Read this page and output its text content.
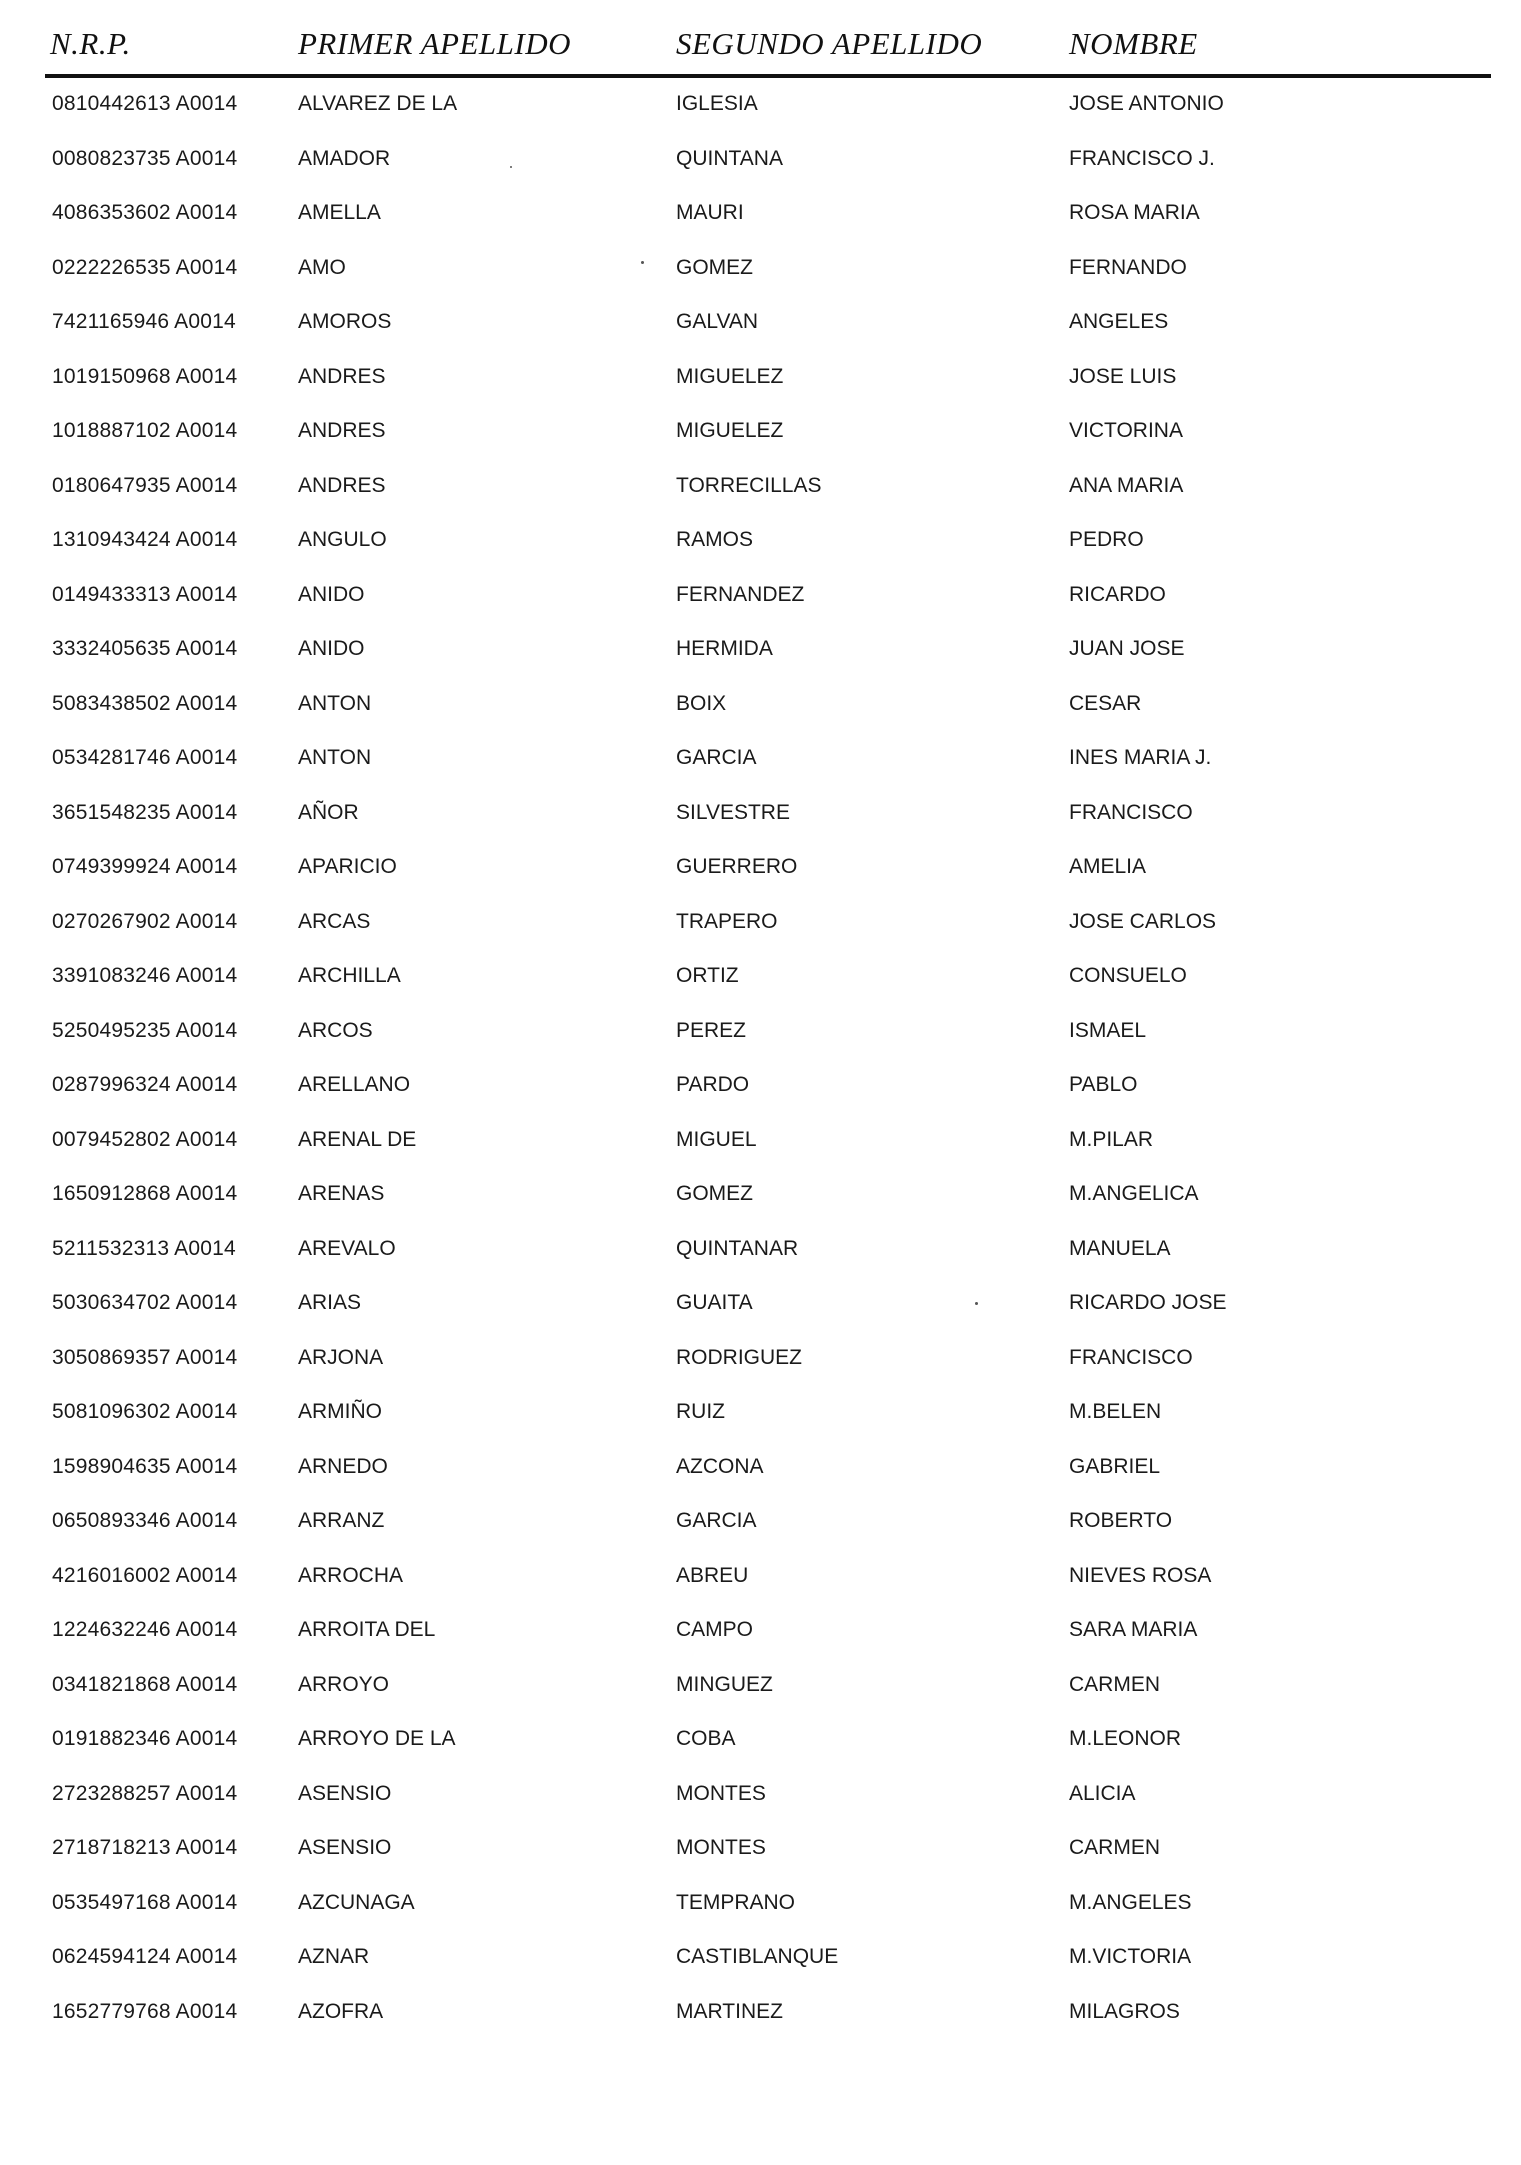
N.R.P.	PRIMER APELLIDO	SEGUNDO APELLIDO	NOMBRE
0810442613 A0014	ALVAREZ DE LA	IGLESIA	JOSE ANTONIO
0080823735 A0014	AMADOR	QUINTANA	FRANCISCO J.
4086353602 A0014	AMELLA	MAURI	ROSA MARIA
0222226535 A0014	AMO	GOMEZ	FERNANDO
7421165946 A0014	AMOROS	GALVAN	ANGELES
1019150968 A0014	ANDRES	MIGUELEZ	JOSE LUIS
1018887102 A0014	ANDRES	MIGUELEZ	VICTORINA
0180647935 A0014	ANDRES	TORRECILLAS	ANA MARIA
1310943424 A0014	ANGULO	RAMOS	PEDRO
0149433313 A0014	ANIDO	FERNANDEZ	RICARDO
3332405635 A0014	ANIDO	HERMIDA	JUAN JOSE
5083438502 A0014	ANTON	BOIX	CESAR
0534281746 A0014	ANTON	GARCIA	INES MARIA J.
3651548235 A0014	AÑOR	SILVESTRE	FRANCISCO
0749399924 A0014	APARICIO	GUERRERO	AMELIA
0270267902 A0014	ARCAS	TRAPERO	JOSE CARLOS
3391083246 A0014	ARCHILLA	ORTIZ	CONSUELO
5250495235 A0014	ARCOS	PEREZ	ISMAEL
0287996324 A0014	ARELLANO	PARDO	PABLO
0079452802 A0014	ARENAL DE	MIGUEL	M.PILAR
1650912868 A0014	ARENAS	GOMEZ	M.ANGELICA
5211532313 A0014	AREVALO	QUINTANAR	MANUELA
5030634702 A0014	ARIAS	GUAITA	RICARDO JOSE
3050869357 A0014	ARJONA	RODRIGUEZ	FRANCISCO
5081096302 A0014	ARMIÑO	RUIZ	M.BELEN
1598904635 A0014	ARNEDO	AZCONA	GABRIEL
0650893346 A0014	ARRANZ	GARCIA	ROBERTO
4216016002 A0014	ARROCHA	ABREU	NIEVES ROSA
1224632246 A0014	ARROITA DEL	CAMPO	SARA MARIA
0341821868 A0014	ARROYO	MINGUEZ	CARMEN
0191882346 A0014	ARROYO DE LA	COBA	M.LEONOR
2723288257 A0014	ASENSIO	MONTES	ALICIA
2718718213 A0014	ASENSIO	MONTES	CARMEN
0535497168 A0014	AZCUNAGA	TEMPRANO	M.ANGELES
0624594124 A0014	AZNAR	CASTIBLANQUE	M.VICTORIA
1652779768 A0014	AZOFRA	MARTINEZ	MILAGROS
